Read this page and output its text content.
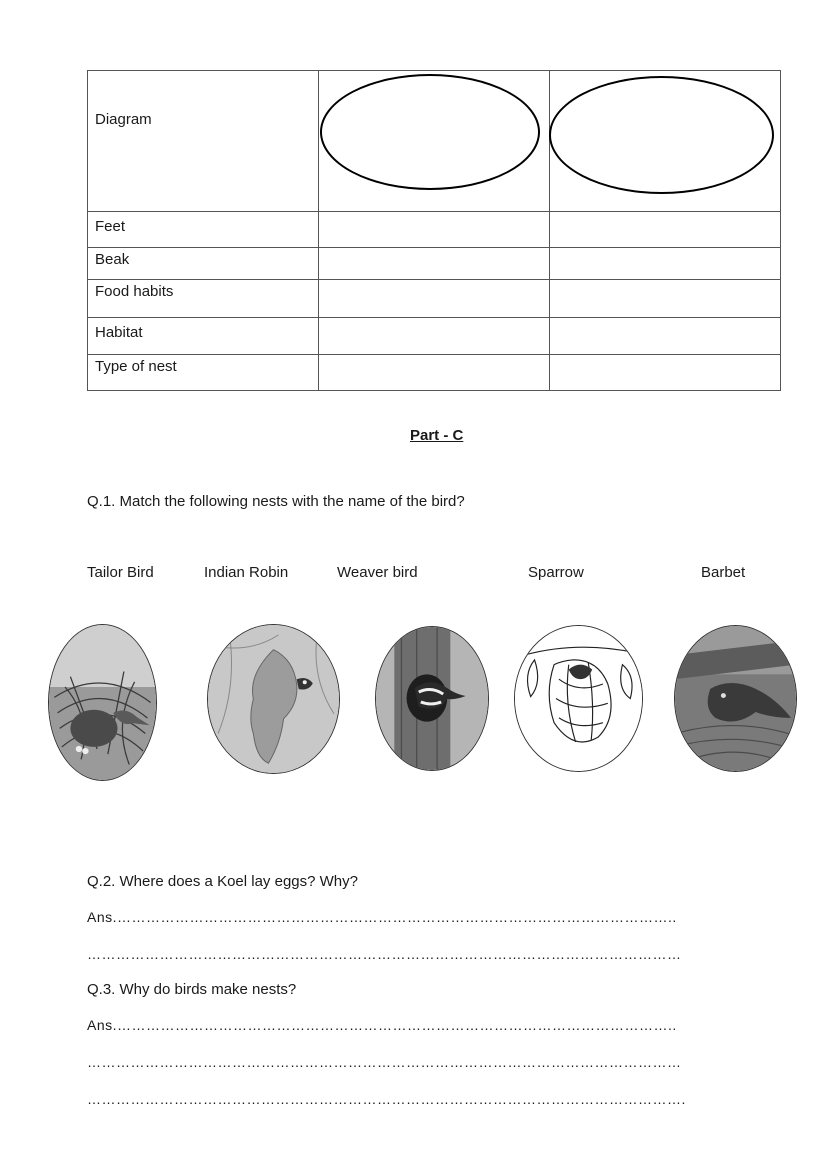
Diagram		
Feet		
Beak		
Food habits		
Habitat		
Type of nest		
Part - C
Q.1. Match the following nests with the name of the bird?
Tailor Bird	Indian Robin	Weaver bird	Sparrow	Barbet
Q.2. Where does a Koel lay eggs? Why?
Ans.……………………………………………………………………………………………………..
……………………………………………………………………………………………………………
Q.3. Why do birds make nests?
Ans.……………………………………………………………………………………………………..
……………………………………………………………………………………………………………
…………………………………………………………………………………………………………….
